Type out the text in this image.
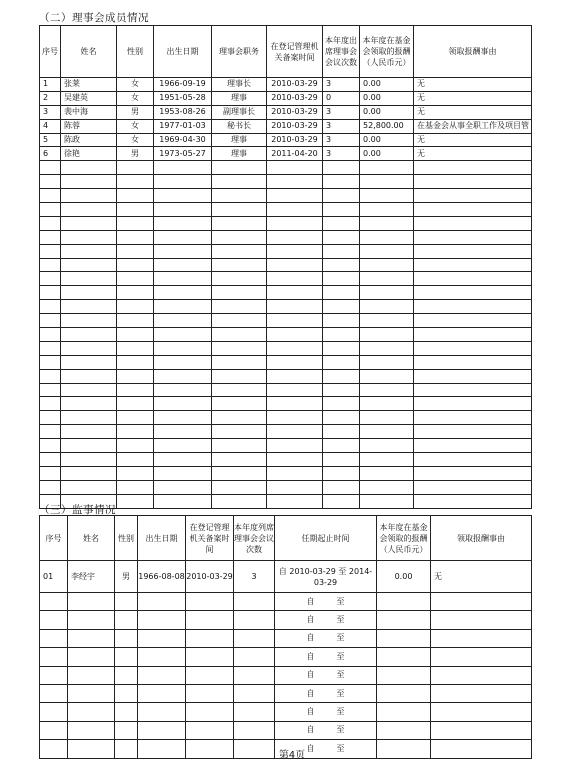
（二）理事会成员情况
序号	姓名	性别	出生日期	理事会职务	在登记管理机关备案时间	本年度出席理事会会议次数	本年度在基金会领取的报酬（人民币元）	领取报酬事由
1	张莱	女	1966-09-19	理事长	2010-03-29	3	0.00	无
2	吴建英	女	1951-05-28	理事	2010-03-29	0	0.00	无
3	裴中海	男	1953-08-26	副理事长	2010-03-29	3	0.00	无
4	陈蓉	女	1977-01-03	秘书长	2010-03-29	3	52,800.00	在基金会从事全职工作及项目管
5	陈政	女	1969-04-30	理事	2010-03-29	3	0.00	无
6	徐艳	男	1973-05-27	理事	2011-04-20	3	0.00	无

（三）监事情况
序号	姓名	性别	出生日期	在登记管理机关备案时间	本年度列席理事会会议次数	任期起止时间	本年度在基金会领取的报酬（人民币元）	领取报酬事由
01	李经宇	男	1966-08-08	2010-03-29	3	自 2010-03-29 至 2014-03-29	0.00	无
						自 至		
						自 至		
						自 至		
						自 至		
						自 至		
						自 至		
						自 至		
						自 至		
						自 至		
第4页
